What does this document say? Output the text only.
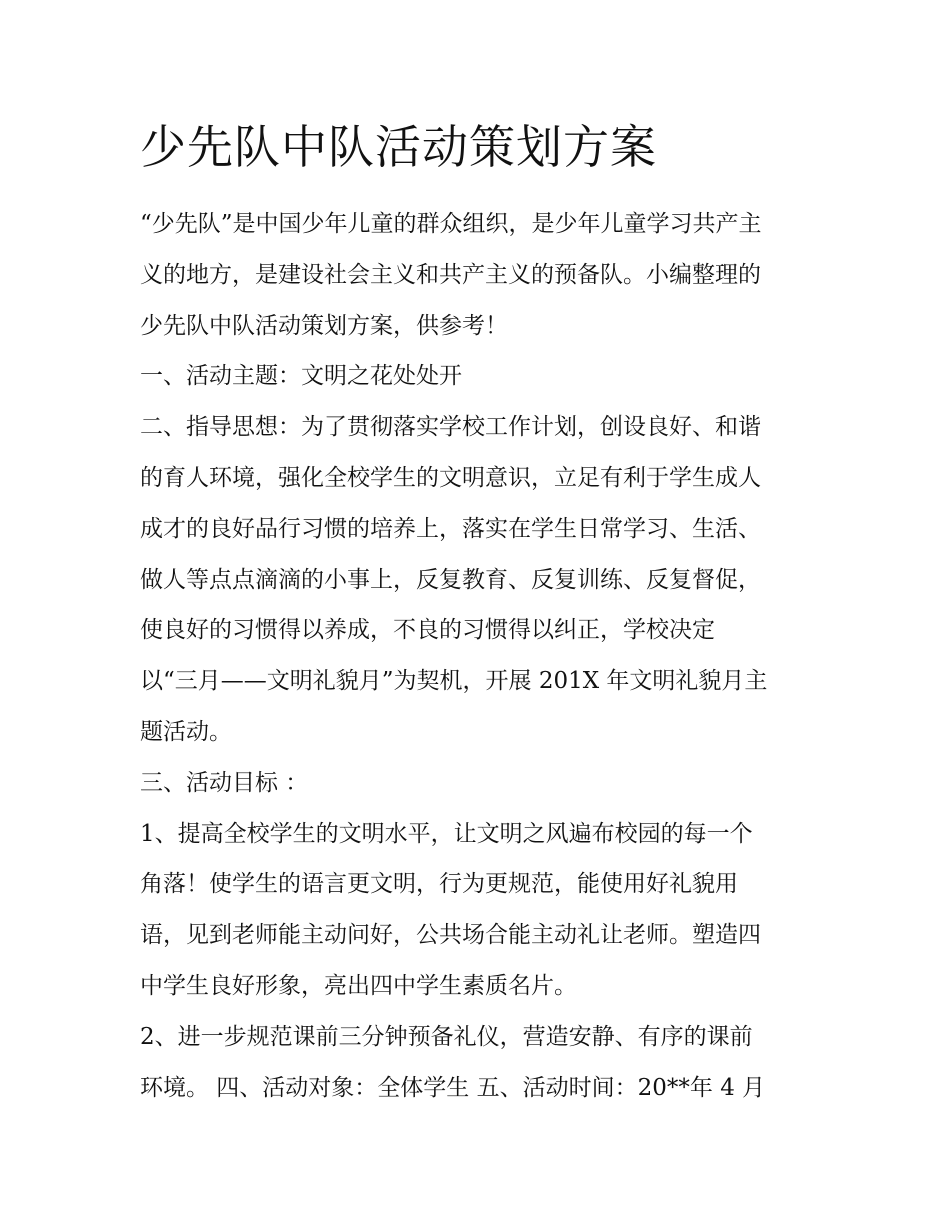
少先队中队活动策划方案
“少先队”是中国少年儿童的群众组织，是少年儿童学习共产主
义的地方，是建设社会主义和共产主义的预备队。小编整理的
少先队中队活动策划方案，供参考！
一、活动主题：文明之花处处开
二、指导思想：为了贯彻落实学校工作计划，创设良好、和谐
的育人环境，强化全校学生的文明意识，立足有利于学生成人
成才的良好品行习惯的培养上，落实在学生日常学习、生活、
做人等点点滴滴的小事上，反复教育、反复训练、反复督促，
使良好的习惯得以养成，不良的习惯得以纠正，学校决定
以“三月——文明礼貌月”为契机，开展 201X 年文明礼貌月主
题活动。
三、活动目标 ：
1、提高全校学生的文明水平，让文明之风遍布校园的每一个
角落！使学生的语言更文明，行为更规范，能使用好礼貌用
语，见到老师能主动问好，公共场合能主动礼让老师。塑造四
中学生良好形象，亮出四中学生素质名片。
2、进一步规范课前三分钟预备礼仪，营造安静、有序的课前
环境。 四、活动对象：全体学生 五、活动时间：20**年 4 月
